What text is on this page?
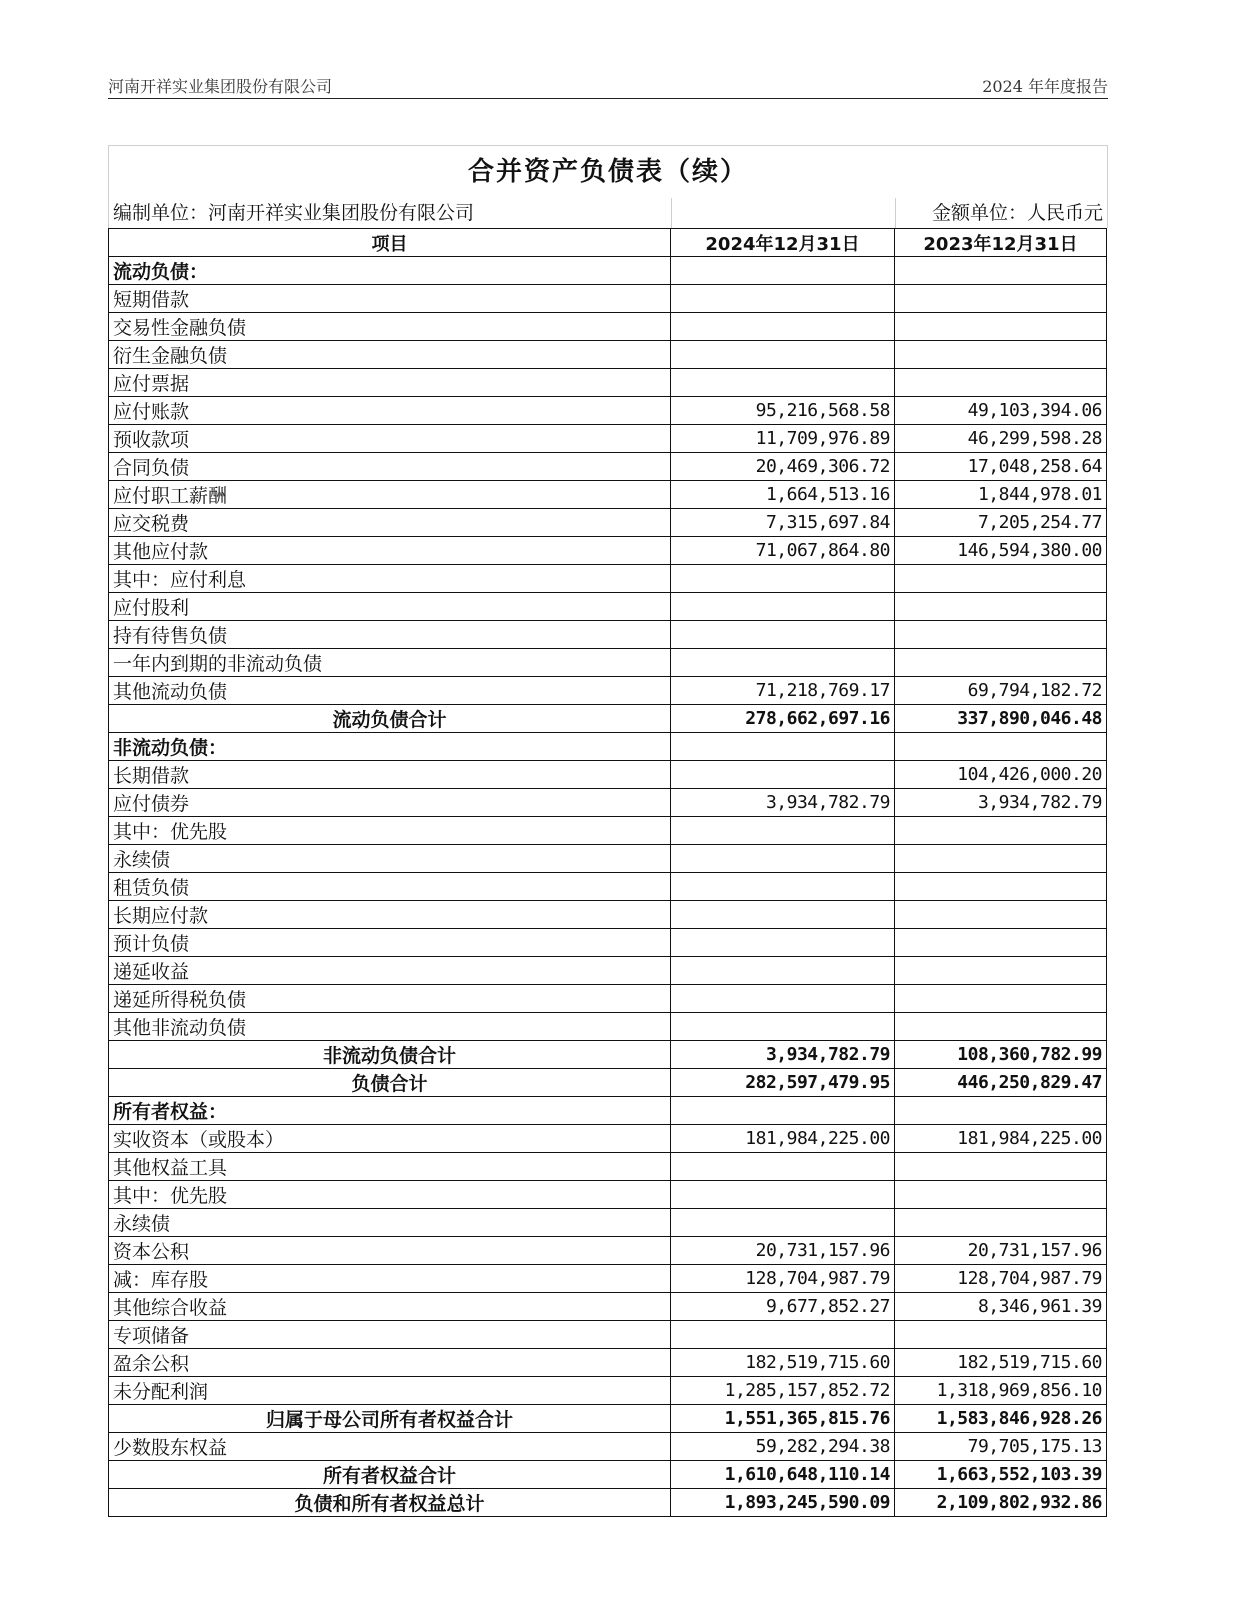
河南开祥实业集团股份有限公司	2024 年年度报告
合并资产负债表（续）
编制单位：河南开祥实业集团股份有限公司	金额单位：人民币元
项目	2024年12月31日	2023年12月31日
流动负债：		
短期借款		
交易性金融负债		
衍生金融负债		
应付票据		
应付账款	95,216,568.58	49,103,394.06
预收款项	11,709,976.89	46,299,598.28
合同负债	20,469,306.72	17,048,258.64
应付职工薪酬	1,664,513.16	1,844,978.01
应交税费	7,315,697.84	7,205,254.77
其他应付款	71,067,864.80	146,594,380.00
其中：应付利息		
应付股利		
持有待售负债		
一年内到期的非流动负债		
其他流动负债	71,218,769.17	69,794,182.72
流动负债合计	278,662,697.16	337,890,046.48
非流动负债：		
长期借款		104,426,000.20
应付债券	3,934,782.79	3,934,782.79
其中：优先股		
永续债		
租赁负债		
长期应付款		
预计负债		
递延收益		
递延所得税负债		
其他非流动负债		
非流动负债合计	3,934,782.79	108,360,782.99
负债合计	282,597,479.95	446,250,829.47
所有者权益：		
实收资本（或股本）	181,984,225.00	181,984,225.00
其他权益工具		
其中：优先股		
永续债		
资本公积	20,731,157.96	20,731,157.96
减：库存股	128,704,987.79	128,704,987.79
其他综合收益	9,677,852.27	8,346,961.39
专项储备		
盈余公积	182,519,715.60	182,519,715.60
未分配利润	1,285,157,852.72	1,318,969,856.10
归属于母公司所有者权益合计	1,551,365,815.76	1,583,846,928.26
少数股东权益	59,282,294.38	79,705,175.13
所有者权益合计	1,610,648,110.14	1,663,552,103.39
负债和所有者权益总计	1,893,245,590.09	2,109,802,932.86
